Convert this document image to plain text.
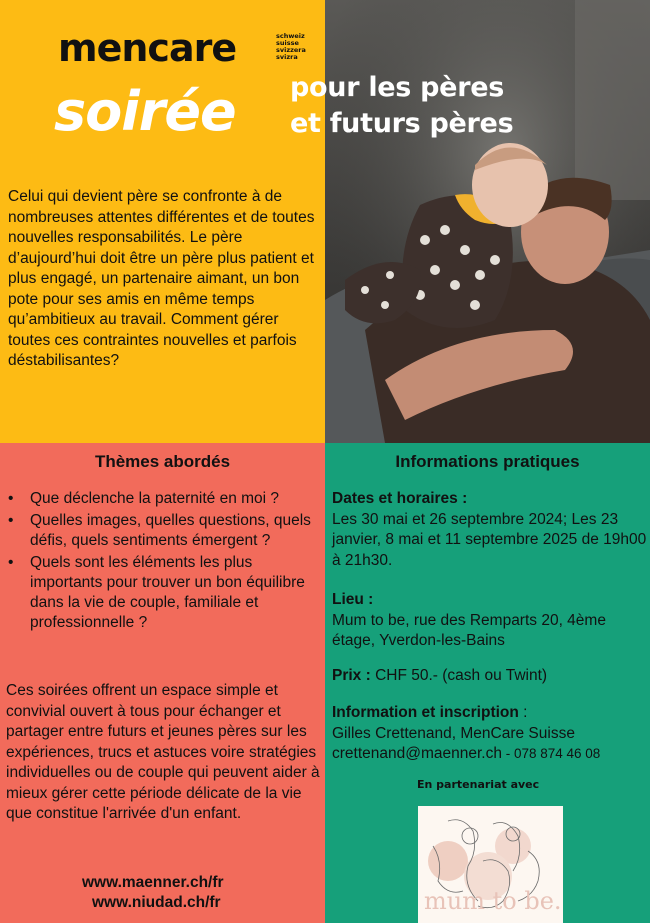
mencare	schweiz
suisse
svizzera
svizra
soirée pour les pères
et futurs pères

Celui qui devient père se confronte à de nombreuses attentes différentes et de toutes nouvelles responsabilités. Le père d’aujourd’hui doit être un père plus patient et plus engagé, un partenaire aimant, un bon pote pour ses amis en même temps qu’ambitieux au travail. Comment gérer toutes ces contraintes nouvelles et parfois déstabilisantes?

Thèmes abordés
• Que déclenche la paternité en moi ?
• Quelles images, quelles questions, quels défis, quels sentiments émergent ?
• Quels sont les éléments les plus importants pour trouver un bon équilibre dans la vie de couple, familiale et professionnelle ?

Ces soirées offrent un espace simple et convivial ouvert à tous pour échanger et partager entre futurs et jeunes pères sur les expériences, trucs et astuces voire stratégies individuelles ou de couple qui peuvent aider à mieux gérer cette période délicate de la vie que constitue l'arrivée d'un enfant.

www.maenner.ch/fr
www.niudad.ch/fr
Informations pratiques

Dates et horaires :
Les 30 mai et 26 septembre 2024; Les 23 janvier, 8 mai et 11 septembre 2025 de 19h00 à 21h30.

Lieu :
Mum to be, rue des Remparts 20, 4ème étage, Yverdon-les-Bains

Prix : CHF 50.- (cash ou Twint)

Information et inscription :
Gilles Crettenand, MenCare Suisse
crettenand@maenner.ch - 078 874 46 08

En partenariat avec
mum to be.
